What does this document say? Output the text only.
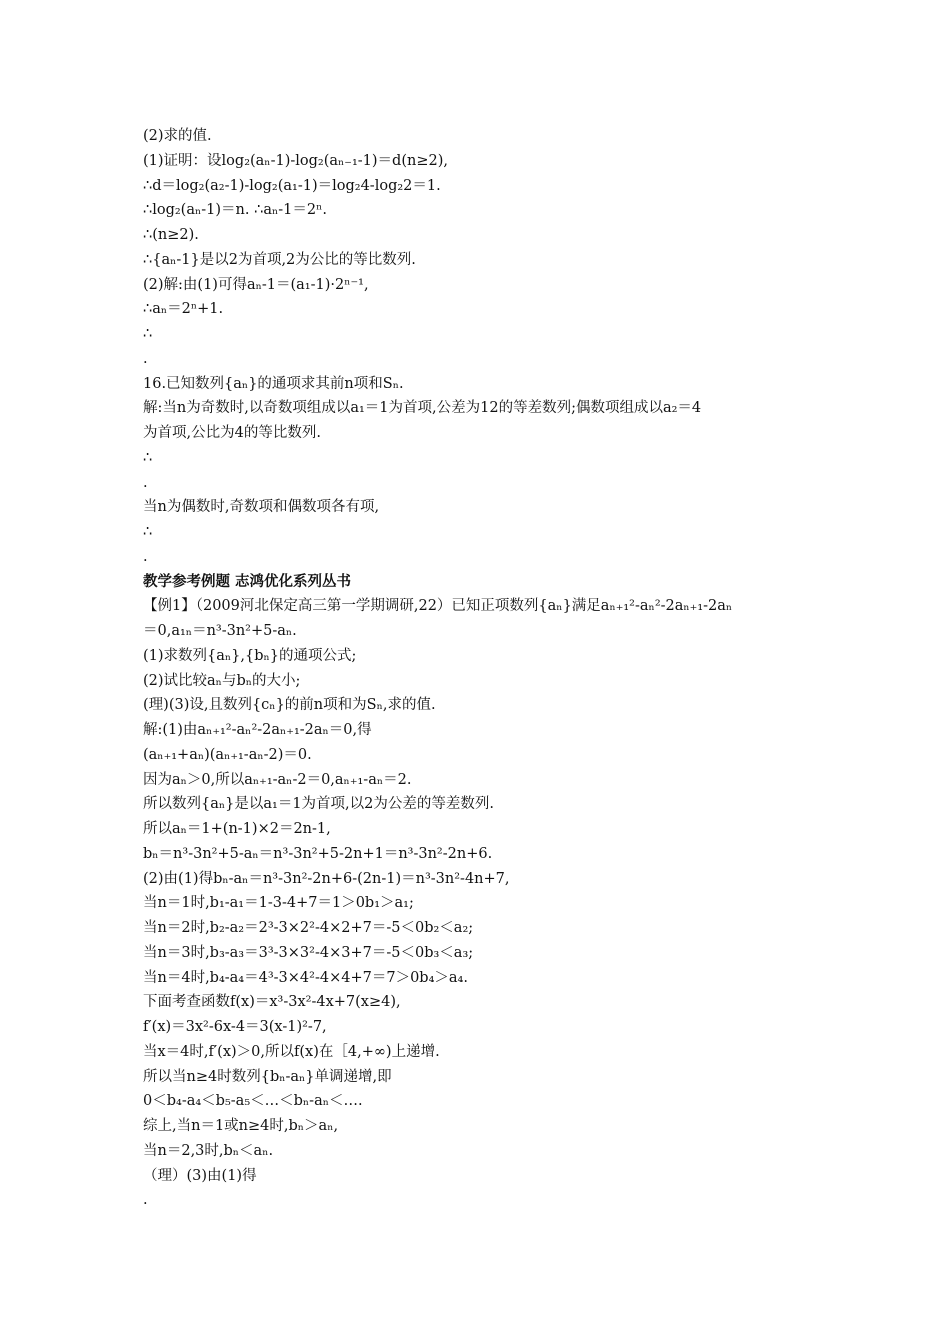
(2)求的值.
(1)证明：设log₂(aₙ-1)-log₂(aₙ₋₁-1)＝d(n≥2),
∴d＝log₂(a₂-1)-log₂(a₁-1)＝log₂4-log₂2＝1.
∴log₂(aₙ-1)＝n. ∴aₙ-1＝2ⁿ.
∴(n≥2).
∴{aₙ-1}是以2为首项,2为公比的等比数列.
(2)解:由(1)可得aₙ-1＝(a₁-1)·2ⁿ⁻¹,
∴aₙ＝2ⁿ+1.
∴
.
16.已知数列{aₙ}的通项求其前n项和Sₙ.
解:当n为奇数时,以奇数项组成以a₁＝1为首项,公差为12的等差数列;偶数项组成以a₂＝4
为首项,公比为4的等比数列.
∴
.
当n为偶数时,奇数项和偶数项各有项,
∴
.
教学参考例题 志鸿优化系列丛书
【例1】（2009河北保定高三第一学期调研,22）已知正项数列{aₙ}满足aₙ₊₁²-aₙ²-2aₙ₊₁-2aₙ
＝0,a₁ₙ＝n³-3n²+5-aₙ.
(1)求数列{aₙ},{bₙ}的通项公式;
(2)试比较aₙ与bₙ的大小;
(理)(3)设,且数列{cₙ}的前n项和为Sₙ,求的值.
解:(1)由aₙ₊₁²-aₙ²-2aₙ₊₁-2aₙ＝0,得
(aₙ₊₁+aₙ)(aₙ₊₁-aₙ-2)＝0.
因为aₙ＞0,所以aₙ₊₁-aₙ-2＝0,aₙ₊₁-aₙ＝2.
所以数列{aₙ}是以a₁＝1为首项,以2为公差的等差数列.
所以aₙ＝1+(n-1)×2＝2n-1,
bₙ＝n³-3n²+5-aₙ＝n³-3n²+5-2n+1＝n³-3n²-2n+6.
(2)由(1)得bₙ-aₙ＝n³-3n²-2n+6-(2n-1)＝n³-3n²-4n+7,
当n＝1时,b₁-a₁＝1-3-4+7＝1＞0b₁＞a₁;
当n＝2时,b₂-a₂＝2³-3×2²-4×2+7＝-5＜0b₂＜a₂;
当n＝3时,b₃-a₃＝3³-3×3²-4×3+7＝-5＜0b₃＜a₃;
当n＝4时,b₄-a₄＝4³-3×4²-4×4+7＝7＞0b₄＞a₄.
下面考查函数f(x)＝x³-3x²-4x+7(x≥4),
f′(x)＝3x²-6x-4＝3(x-1)²-7,
当x＝4时,f′(x)＞0,所以f(x)在［4,+∞)上递增.
所以当n≥4时数列{bₙ-aₙ}单调递增,即
0＜b₄-a₄＜b₅-a₅＜…＜bₙ-aₙ＜….
综上,当n＝1或n≥4时,bₙ＞aₙ,
当n＝2,3时,bₙ＜aₙ.
（理）(3)由(1)得
.
